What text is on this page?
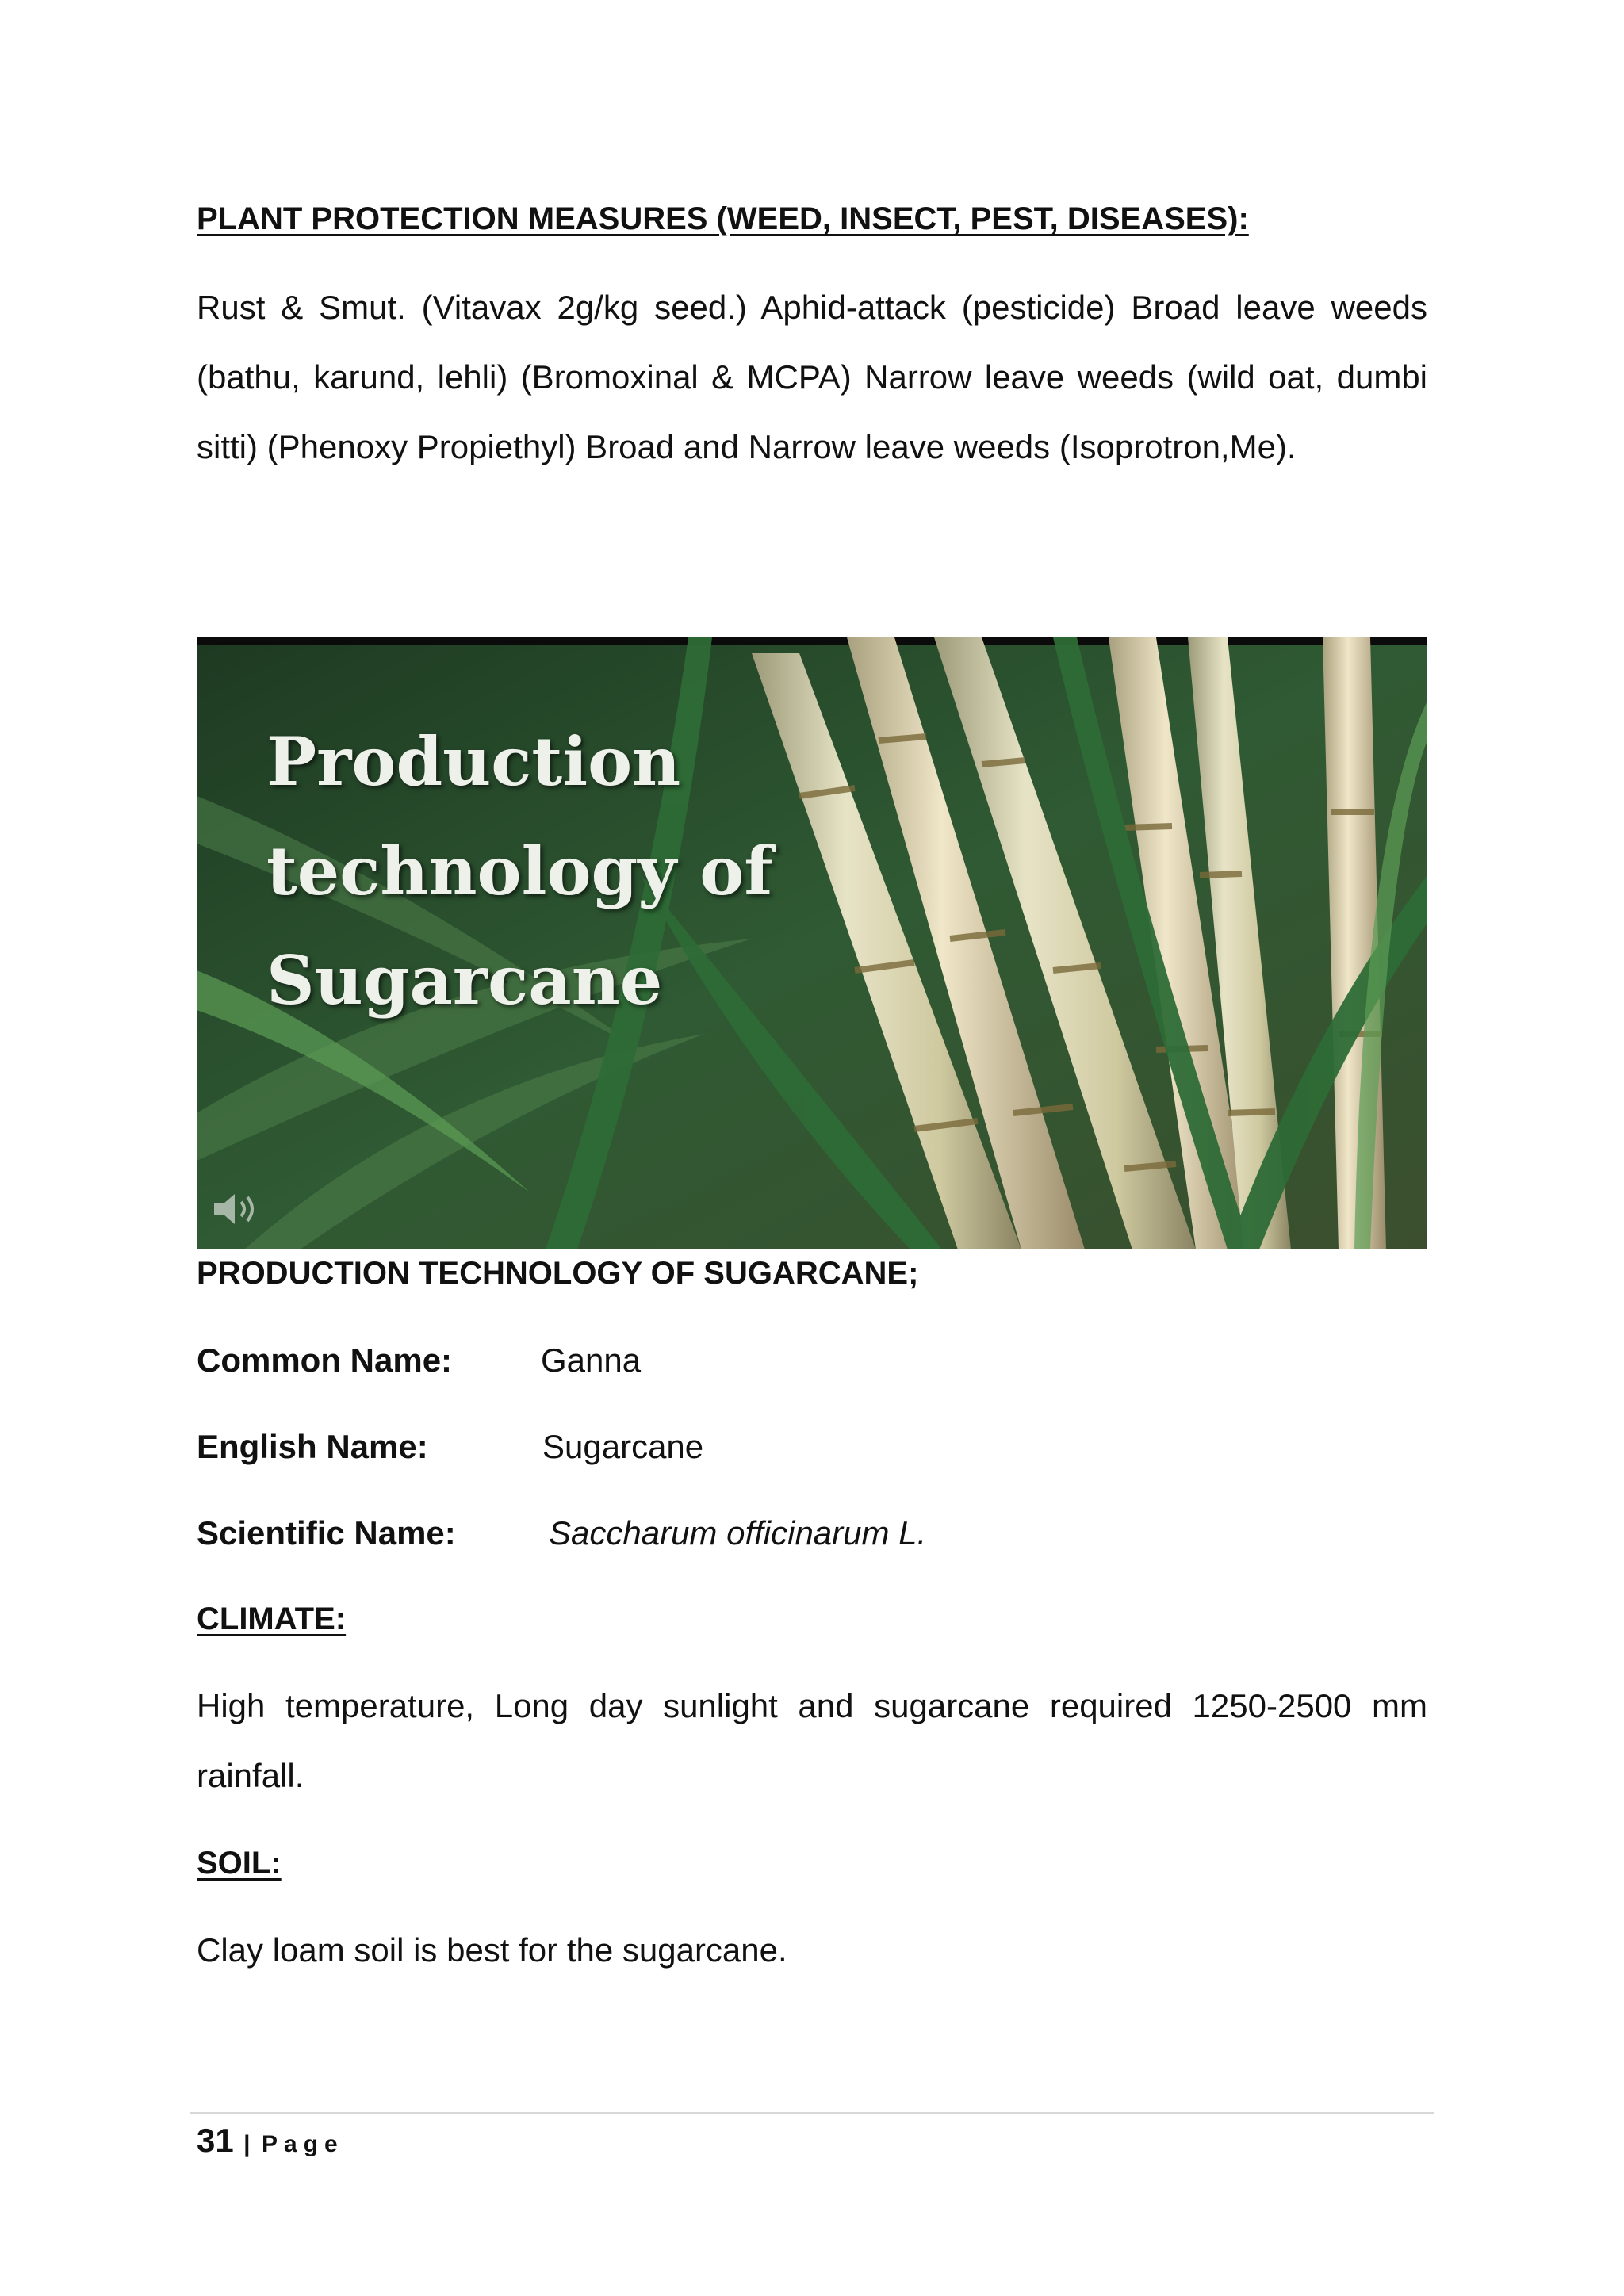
PLANT PROTECTION MEASURES (WEED, INSECT, PEST, DISEASES):

Rust & Smut. (Vitavax 2g/kg seed.) Aphid-attack (pesticide) Broad leave weeds (bathu, karund, lehli) (Bromoxinal & MCPA) Narrow leave weeds (wild oat, dumbi sitti) (Phenoxy Propiethyl) Broad and Narrow leave weeds (Isoprotron,Me).

Production
technology of
Sugarcane
PRODUCTION TECHNOLOGY OF SUGARCANE;
Common Name:	Ganna
English Name:	Sugarcane
Scientific Name:	Saccharum officinarum L.
CLIMATE:

High temperature, Long day sunlight and sugarcane required 1250-2500 mm rainfall.

SOIL:

Clay loam soil is best for the sugarcane.

31 | Page
